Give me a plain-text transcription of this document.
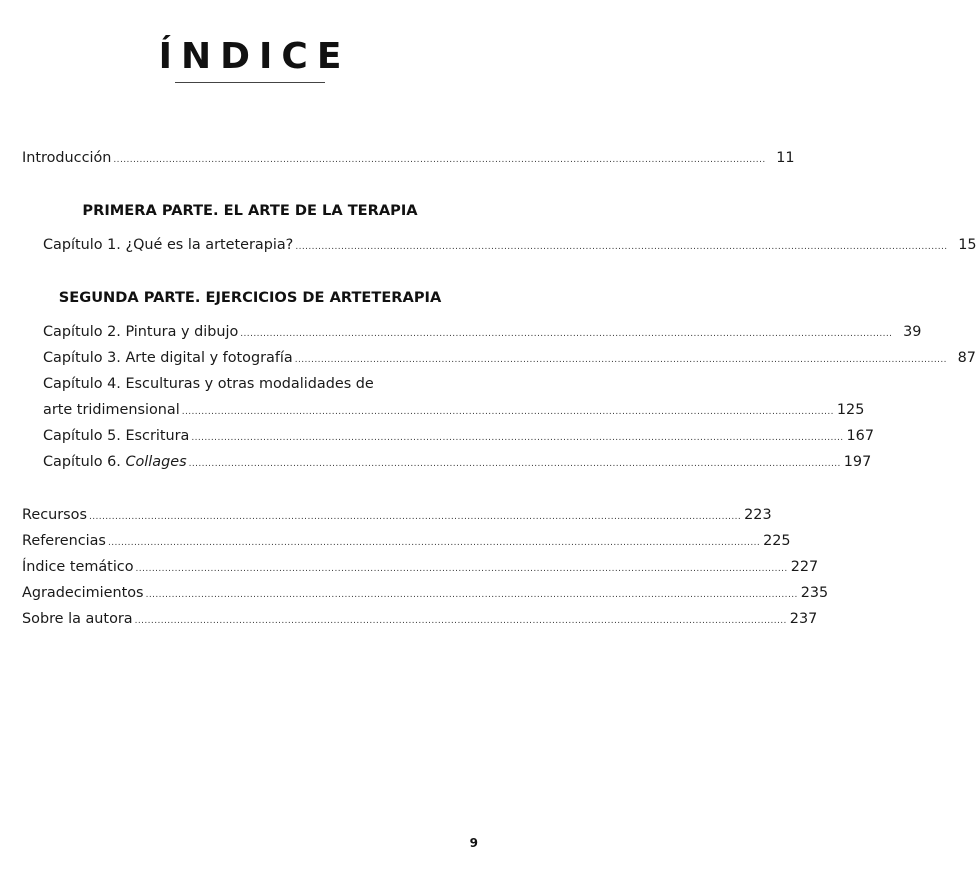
ÍNDICE
Introducción ........................................................................................................................................................................................................ 11
PRIMERA PARTE. EL ARTE DE LA TERAPIA
Capítulo 1. ¿Qué es la arteterapia? ........................................................................................................................................................................................................ 15
SEGUNDA PARTE. EJERCICIOS DE ARTETERAPIA
Capítulo 2. Pintura y dibujo ........................................................................................................................................................................................................ 39
Capítulo 3. Arte digital y fotografía ........................................................................................................................................................................................................ 87
Capítulo 4. Esculturas y otras modalidades de
arte tridimensional ........................................................................................................................................................................................................ 125
Capítulo 5. Escritura ........................................................................................................................................................................................................ 167
Capítulo 6. Collages ........................................................................................................................................................................................................ 197
Recursos ........................................................................................................................................................................................................ 223
Referencias ........................................................................................................................................................................................................ 225
Índice temático ........................................................................................................................................................................................................ 227
Agradecimientos ........................................................................................................................................................................................................ 235
Sobre la autora ........................................................................................................................................................................................................ 237
9
